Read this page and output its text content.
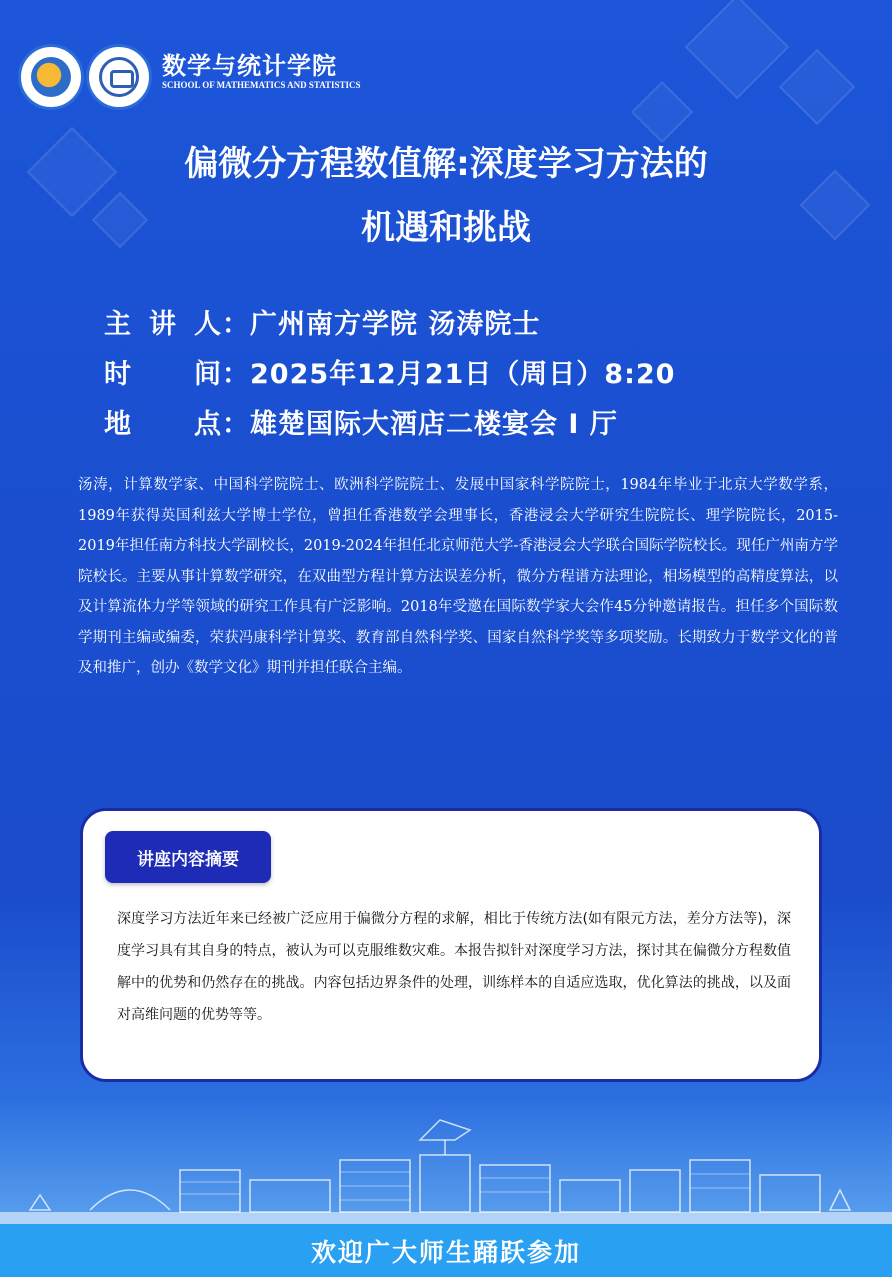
数学与统计学院
SCHOOL OF MATHEMATICS AND STATISTICS
偏微分方程数值解:深度学习方法的
机遇和挑战
主讲人：广州南方学院 汤涛院士
时间：2025年12月21日（周日）8:20
地点：雄楚国际大酒店二楼宴会 I 厅
汤涛，计算数学家、中国科学院院士、欧洲科学院院士、发展中国家科学院院士，1984年毕业于北京大学数学系，1989年获得英国利兹大学博士学位，曾担任香港数学会理事长，香港浸会大学研究生院院长、理学院院长，2015-2019年担任南方科技大学副校长，2019-2024年担任北京师范大学-香港浸会大学联合国际学院校长。现任广州南方学院校长。主要从事计算数学研究，在双曲型方程计算方法误差分析，微分方程谱方法理论，相场模型的高精度算法，以及计算流体力学等领域的研究工作具有广泛影响。2018年受邀在国际数学家大会作45分钟邀请报告。担任多个国际数学期刊主编或编委，荣获冯康科学计算奖、教育部自然科学奖、国家自然科学奖等多项奖励。长期致力于数学文化的普及和推广，创办《数学文化》期刊并担任联合主编。
讲座内容摘要
深度学习方法近年来已经被广泛应用于偏微分方程的求解，相比于传统方法(如有限元方法，差分方法等)，深度学习具有其自身的特点，被认为可以克服维数灾难。本报告拟针对深度学习方法，探讨其在偏微分方程数值解中的优势和仍然存在的挑战。内容包括边界条件的处理，训练样本的自适应选取，优化算法的挑战，以及面对高维问题的优势等等。
欢迎广大师生踊跃参加
